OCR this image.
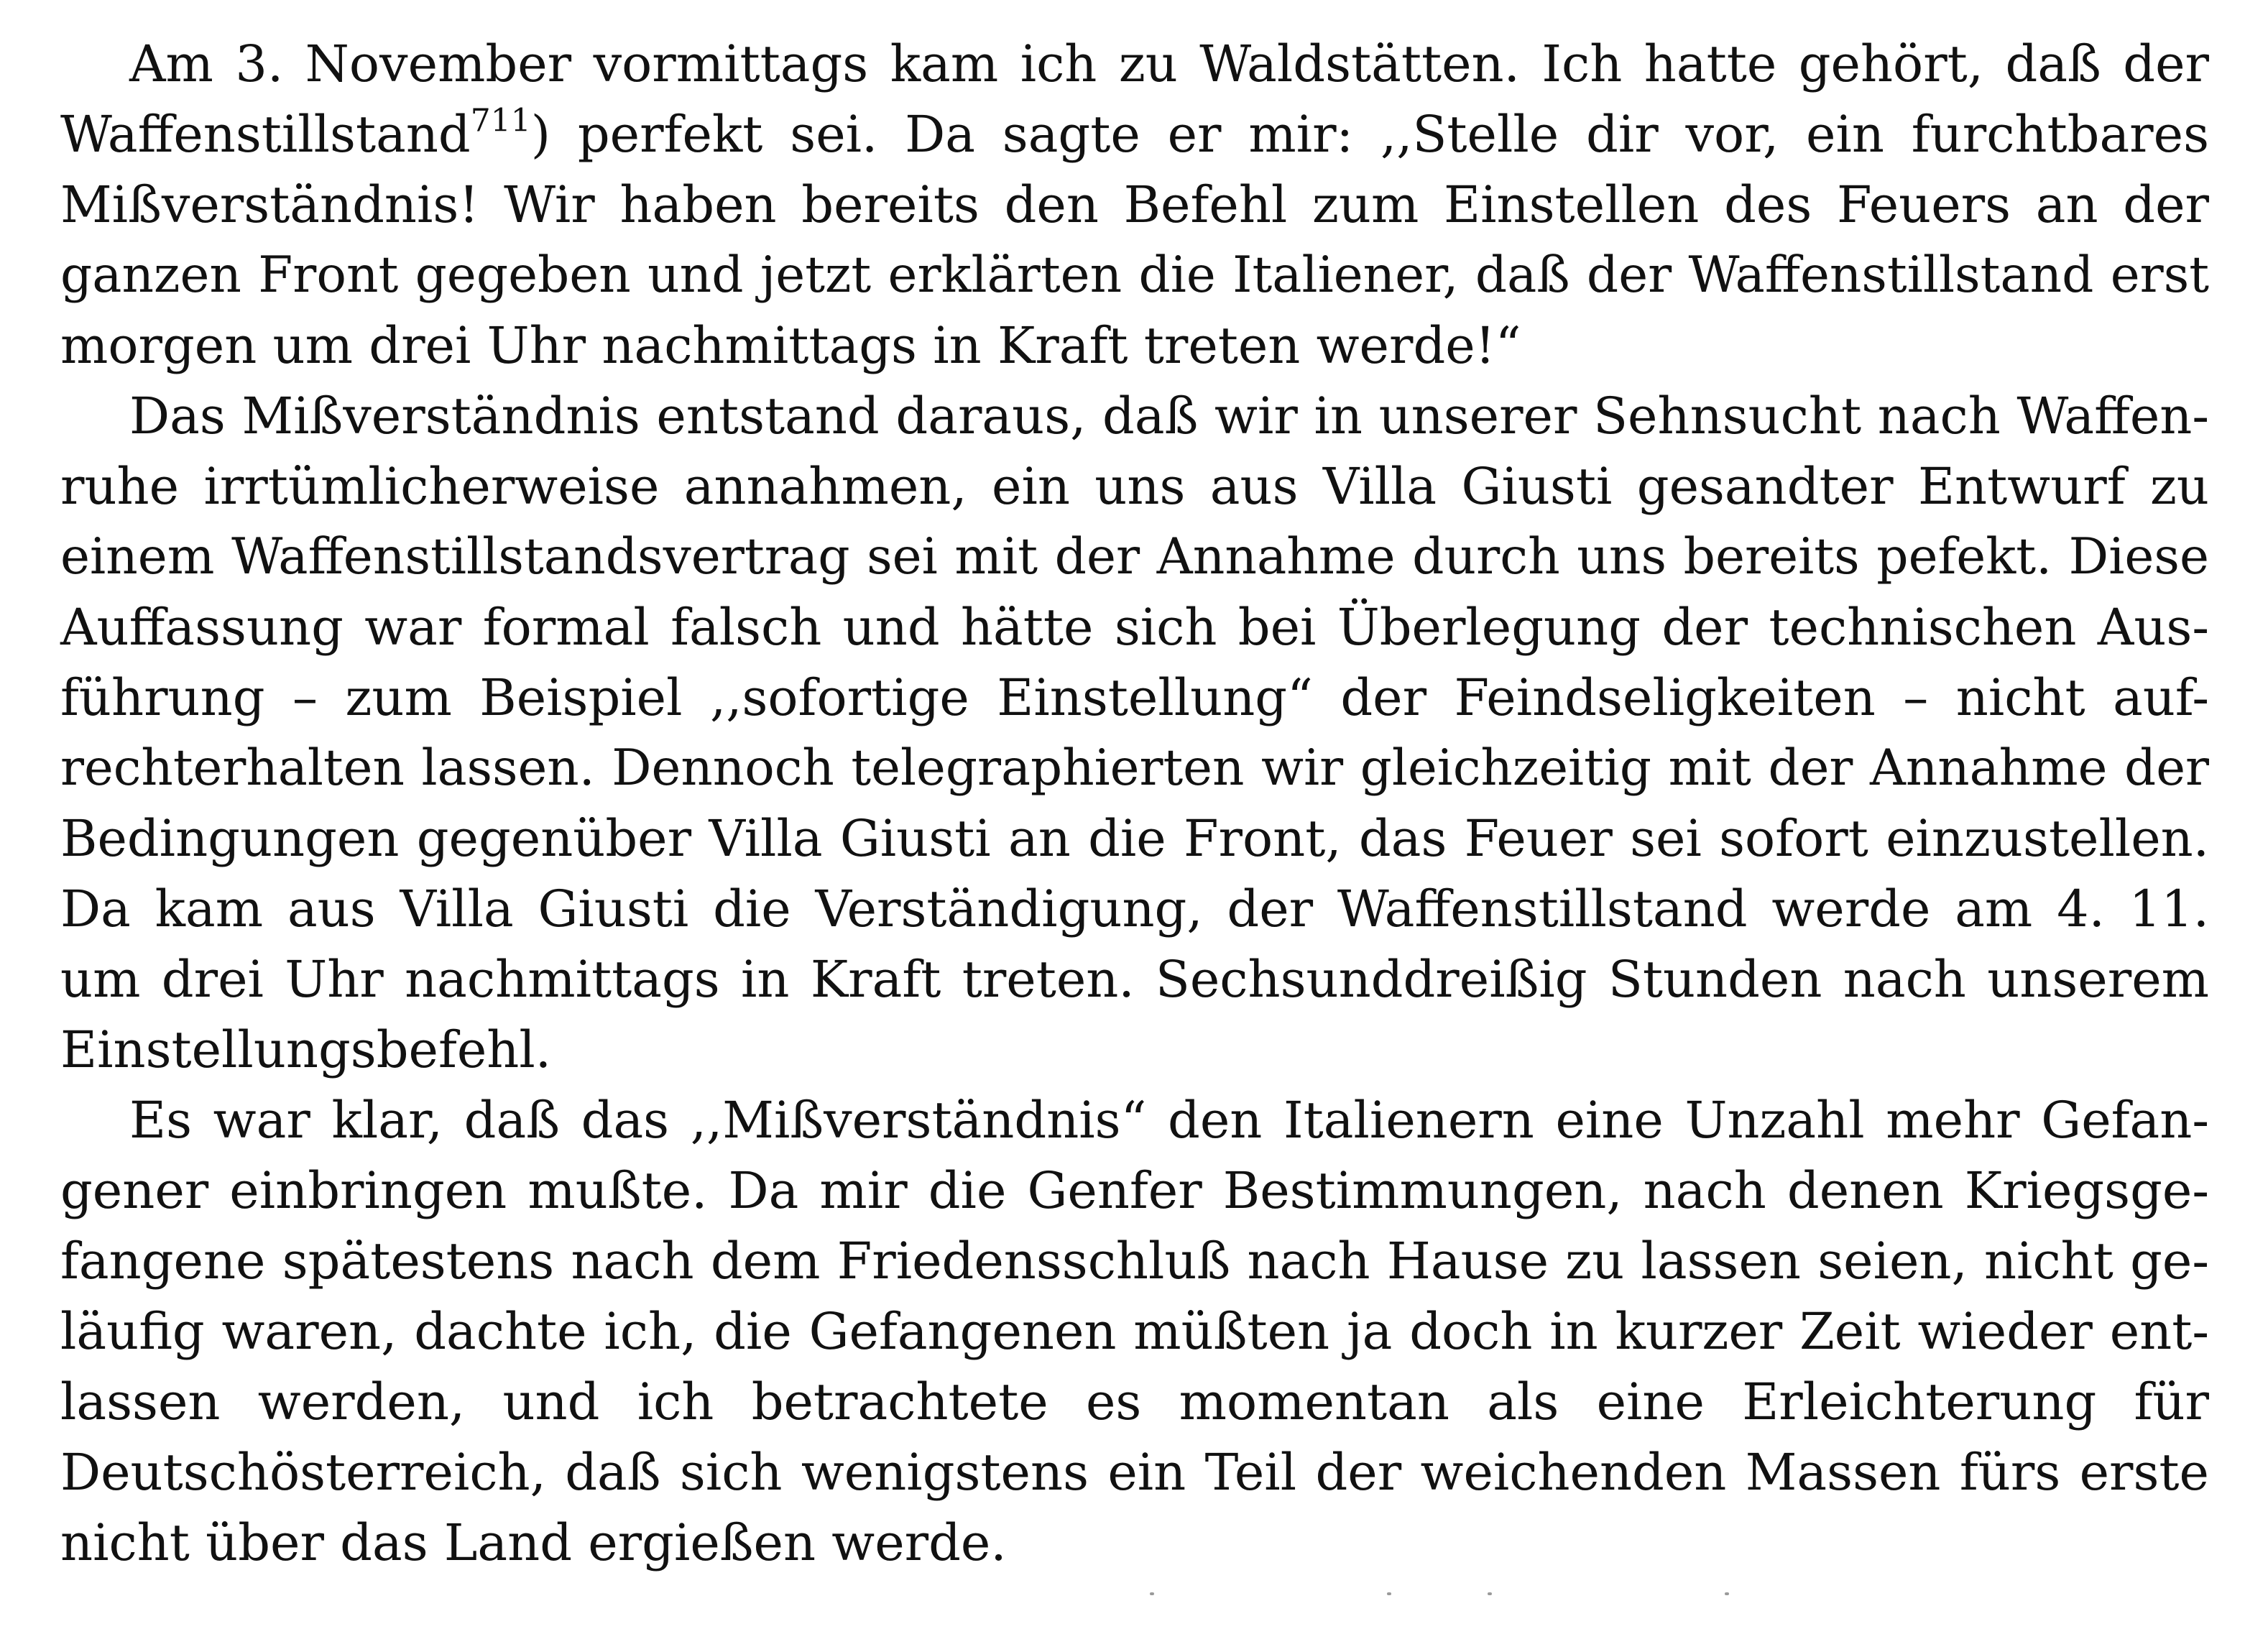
Am 3. November vormittags kam ich zu Waldstätten. Ich hatte gehört, daß der
Waffenstillstand$^{711}$) perfekt sei. Da sagte er mir: ,,Stelle dir vor, ein furchtbares
Mißverständnis! Wir haben bereits den Befehl zum Einstellen des Feuers an der
ganzen Front gegeben und jetzt erklärten die Italiener, daß der Waffenstillstand erst
morgen um drei Uhr nachmittags in Kraft treten werde!“

Das Mißverständnis entstand daraus, daß wir in unserer Sehnsucht nach Waffen-
ruhe irrtümlicherweise annahmen, ein uns aus Villa Giusti gesandter Entwurf zu
einem Waffenstillstandsvertrag sei mit der Annahme durch uns bereits pefekt. Diese
Auffassung war formal falsch und hätte sich bei Überlegung der technischen Aus-
führung – zum Beispiel ,,sofortige Einstellung“ der Feindseligkeiten – nicht auf-
rechterhalten lassen. Dennoch telegraphierten wir gleichzeitig mit der Annahme der
Bedingungen gegenüber Villa Giusti an die Front, das Feuer sei sofort einzustellen.
Da kam aus Villa Giusti die Verständigung, der Waffenstillstand werde am 4. 11.
um drei Uhr nachmittags in Kraft treten. Sechsunddreißig Stunden nach unserem
Einstellungsbefehl.

Es war klar, daß das ,,Mißverständnis“ den Italienern eine Unzahl mehr Gefan-
gener einbringen mußte. Da mir die Genfer Bestimmungen, nach denen Kriegsge-
fangene spätestens nach dem Friedensschluß nach Hause zu lassen seien, nicht ge-
läufig waren, dachte ich, die Gefangenen müßten ja doch in kurzer Zeit wieder ent-
lassen werden, und ich betrachtete es momentan als eine Erleichterung für
Deutschösterreich, daß sich wenigstens ein Teil der weichenden Massen fürs erste
nicht über das Land ergießen werde.
